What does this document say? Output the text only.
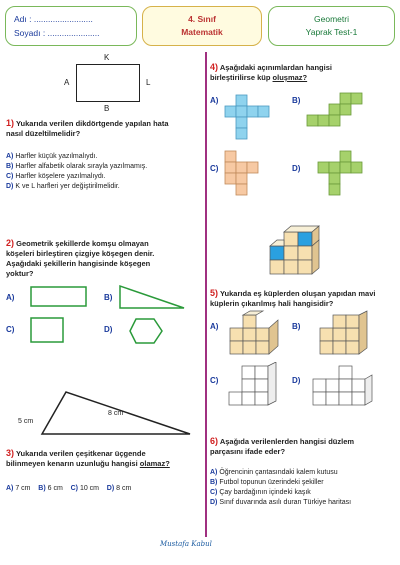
Adı : .........................
Soyadı : ......................
4. Sınıf
Matematik
Geometri
Yaprak Test-1
K
A	L
B
1) Yukarıda verilen dikdörtgende yapılan hata
nasıl düzeltilmelidir?
A) Harfler küçük yazılmalıydı.
B) Harfler alfabetik olarak sırayla yazılmamış.
C) Harfler köşelere yazılmalıydı.
D) K ve L harfleri yer değiştirilmelidir.
2) Geometrik şekillerde komşu olmayan
köşeleri birleştiren çizgiye köşegen denir.
Aşağıdaki şekillerin hangisinde köşegen
yoktur?
A)	B)
C)	D)
5 cm
8 cm
3) Yukarıda verilen çeşitkenar üçgende
bilinmeyen kenarın uzunluğu hangisi olamaz?
A) 7 cm B) 6 cm C) 10 cm D) 8 cm
4) Aşağıdaki açınımlardan hangisi
birleştirilirse küp oluşmaz?
A)	B)
C)	D)
5) Yukarıda eş küplerden oluşan yapıdan mavi
küplerin çıkarılmış hali hangisidir?
A)	B)
C)	D)
6) Aşağıda verilenlerden hangisi düzlem
parçasını ifade eder?
A) Öğrencinin çantasındaki kalem kutusu
B) Futbol topunun üzerindeki şekiller
C) Çay bardağının içindeki kaşık
D) Sınıf duvarında asılı duran Türkiye haritası
Mustafa Kabul
